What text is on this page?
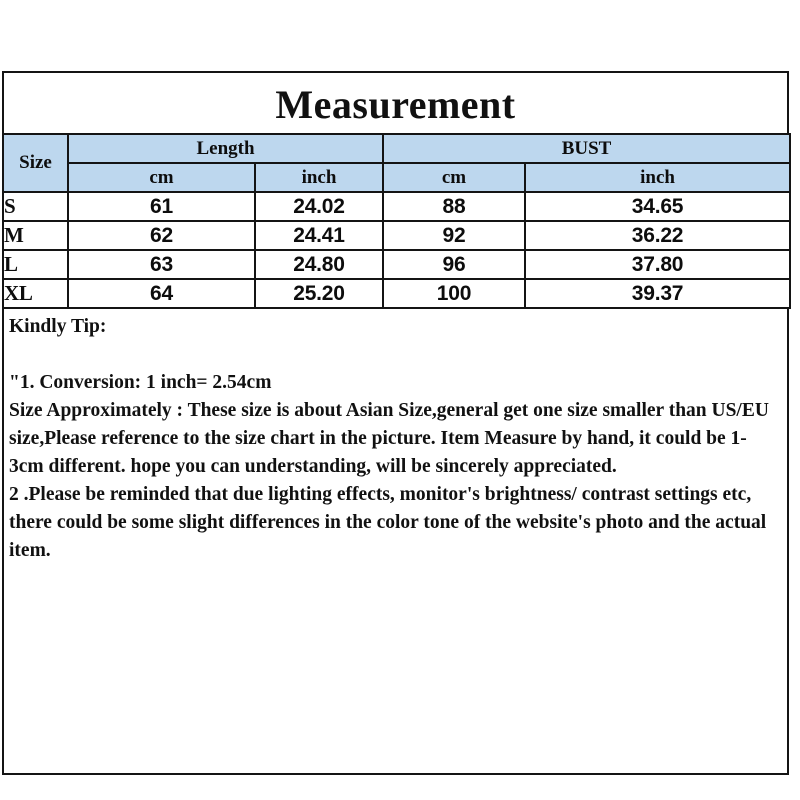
Measurement
Size	Length		BUST	
	cm	inch	cm	inch
S	61	24.02	88	34.65
M	62	24.41	92	36.22
L	63	24.80	96	37.80
XL	64	25.20	100	39.37
Kindly Tip:
"1. Conversion: 1 inch= 2.54cm
Size Approximately : These size is about Asian Size,general get one size smaller than US/EU size,Please reference to the size chart in the picture. Item Measure by hand, it could be 1-3cm different. hope you can understanding, will be sincerely appreciated.
2 .Please be reminded that due lighting effects, monitor's brightness/ contrast settings etc, there could be some slight differences in the color tone of the website's photo and the actual item.
